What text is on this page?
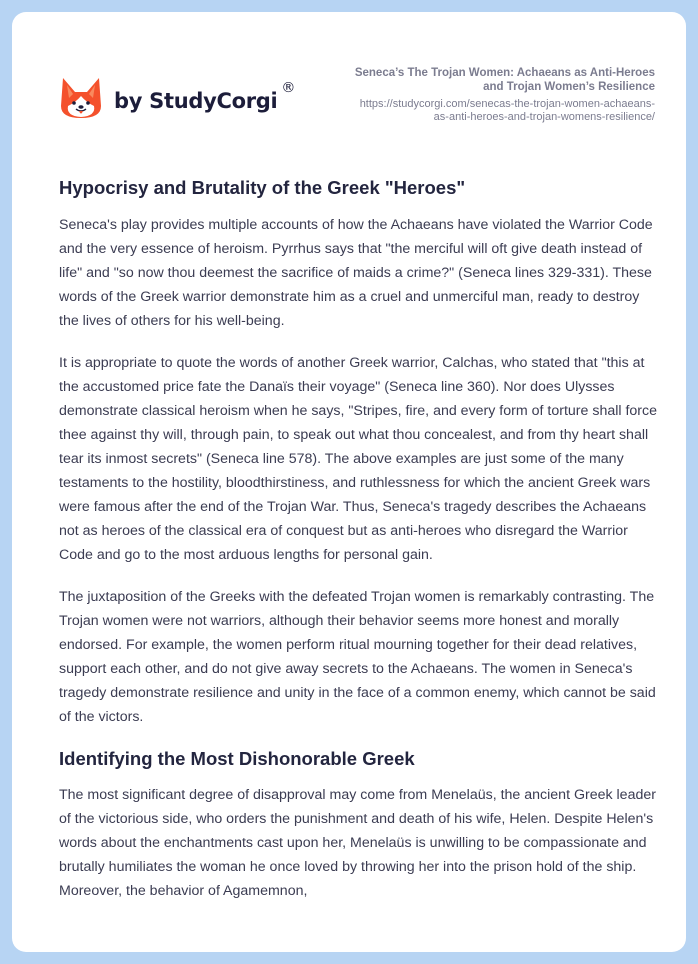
by StudyCorgi
®
Seneca’s The Trojan Women: Achaeans as Anti-Heroes
and Trojan Women’s Resilience
https://studycorgi.com/senecas-the-trojan-women-achaeans-
as-anti-heroes-and-trojan-womens-resilience/
Hypocrisy and Brutality of the Greek "Heroes"

Seneca's play provides multiple accounts of how the Achaeans have violated the Warrior Code and the very essence of heroism. Pyrrhus says that "the merciful will oft give death instead of life" and "so now thou deemest the sacrifice of maids a crime?" (Seneca lines 329-331). These words of the Greek warrior demonstrate him as a cruel and unmerciful man, ready to destroy the lives of others for his well-being.

It is appropriate to quote the words of another Greek warrior, Calchas, who stated that "this at the accustomed price fate the Danaïs their voyage" (Seneca line 360). Nor does Ulysses demonstrate classical heroism when he says, "Stripes, fire, and every form of torture shall force thee against thy will, through pain, to speak out what thou concealest, and from thy heart shall tear its inmost secrets" (Seneca line 578). The above examples are just some of the many testaments to the hostility, bloodthirstiness, and ruthlessness for which the ancient Greek wars were famous after the end of the Trojan War. Thus, Seneca's tragedy describes the Achaeans not as heroes of the classical era of conquest but as anti-heroes who disregard the Warrior Code and go to the most arduous lengths for personal gain.

The juxtaposition of the Greeks with the defeated Trojan women is remarkably contrasting. The Trojan women were not warriors, although their behavior seems more honest and morally endorsed. For example, the women perform ritual mourning together for their dead relatives, support each other, and do not give away secrets to the Achaeans. The women in Seneca's tragedy demonstrate resilience and unity in the face of a common enemy, which cannot be said of the victors.

Identifying the Most Dishonorable Greek

The most significant degree of disapproval may come from Menelaüs, the ancient Greek leader of the victorious side, who orders the punishment and death of his wife, Helen. Despite Helen's words about the enchantments cast upon her, Menelaüs is unwilling to be compassionate and brutally humiliates the woman he once loved by throwing her into the prison hold of the ship. Moreover, the behavior of Agamemnon,
